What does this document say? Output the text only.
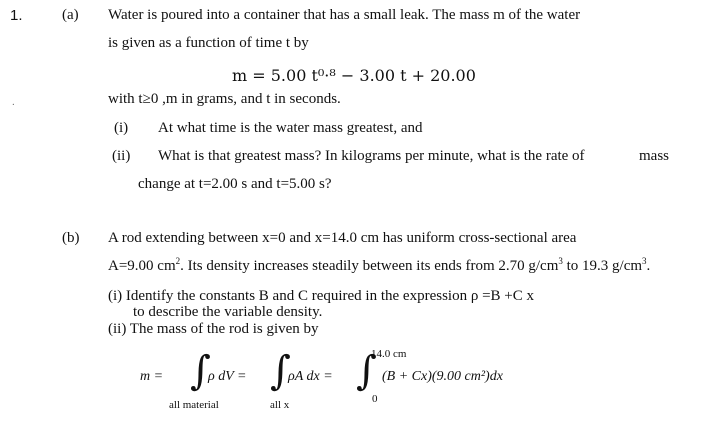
1.	(a) Water is poured into a container that has a small leak. The mass m of the water
is given as a function of time t by
m = 5.00 t⁰·⁸ − 3.00 t + 20.00
with t≥0 ,m in grams, and t in seconds.
.
(i) At what time is the water mass greatest, and
(ii) What is that greatest mass? In kilograms per minute, what is the rate of	mass
change at t=2.00 s and t=5.00 s?
(b) A rod extending between x=0 and x=14.0 cm has uniform cross-sectional area
A=9.00 $cm^2$. Its density increases steadily between its ends from 2.70 $g/cm^3$ to 19.3 $g/cm^3$.
(i) Identify the constants B and C required in the expression ρ =B +C x
to describe the variable density.
(ii) The mass of the rod is given by
m = ∫
ρ dV = ∫
ρA dx = ∫
14.0 cm
0
(B + Cx)(9.00 cm²)dx
all material	all x
